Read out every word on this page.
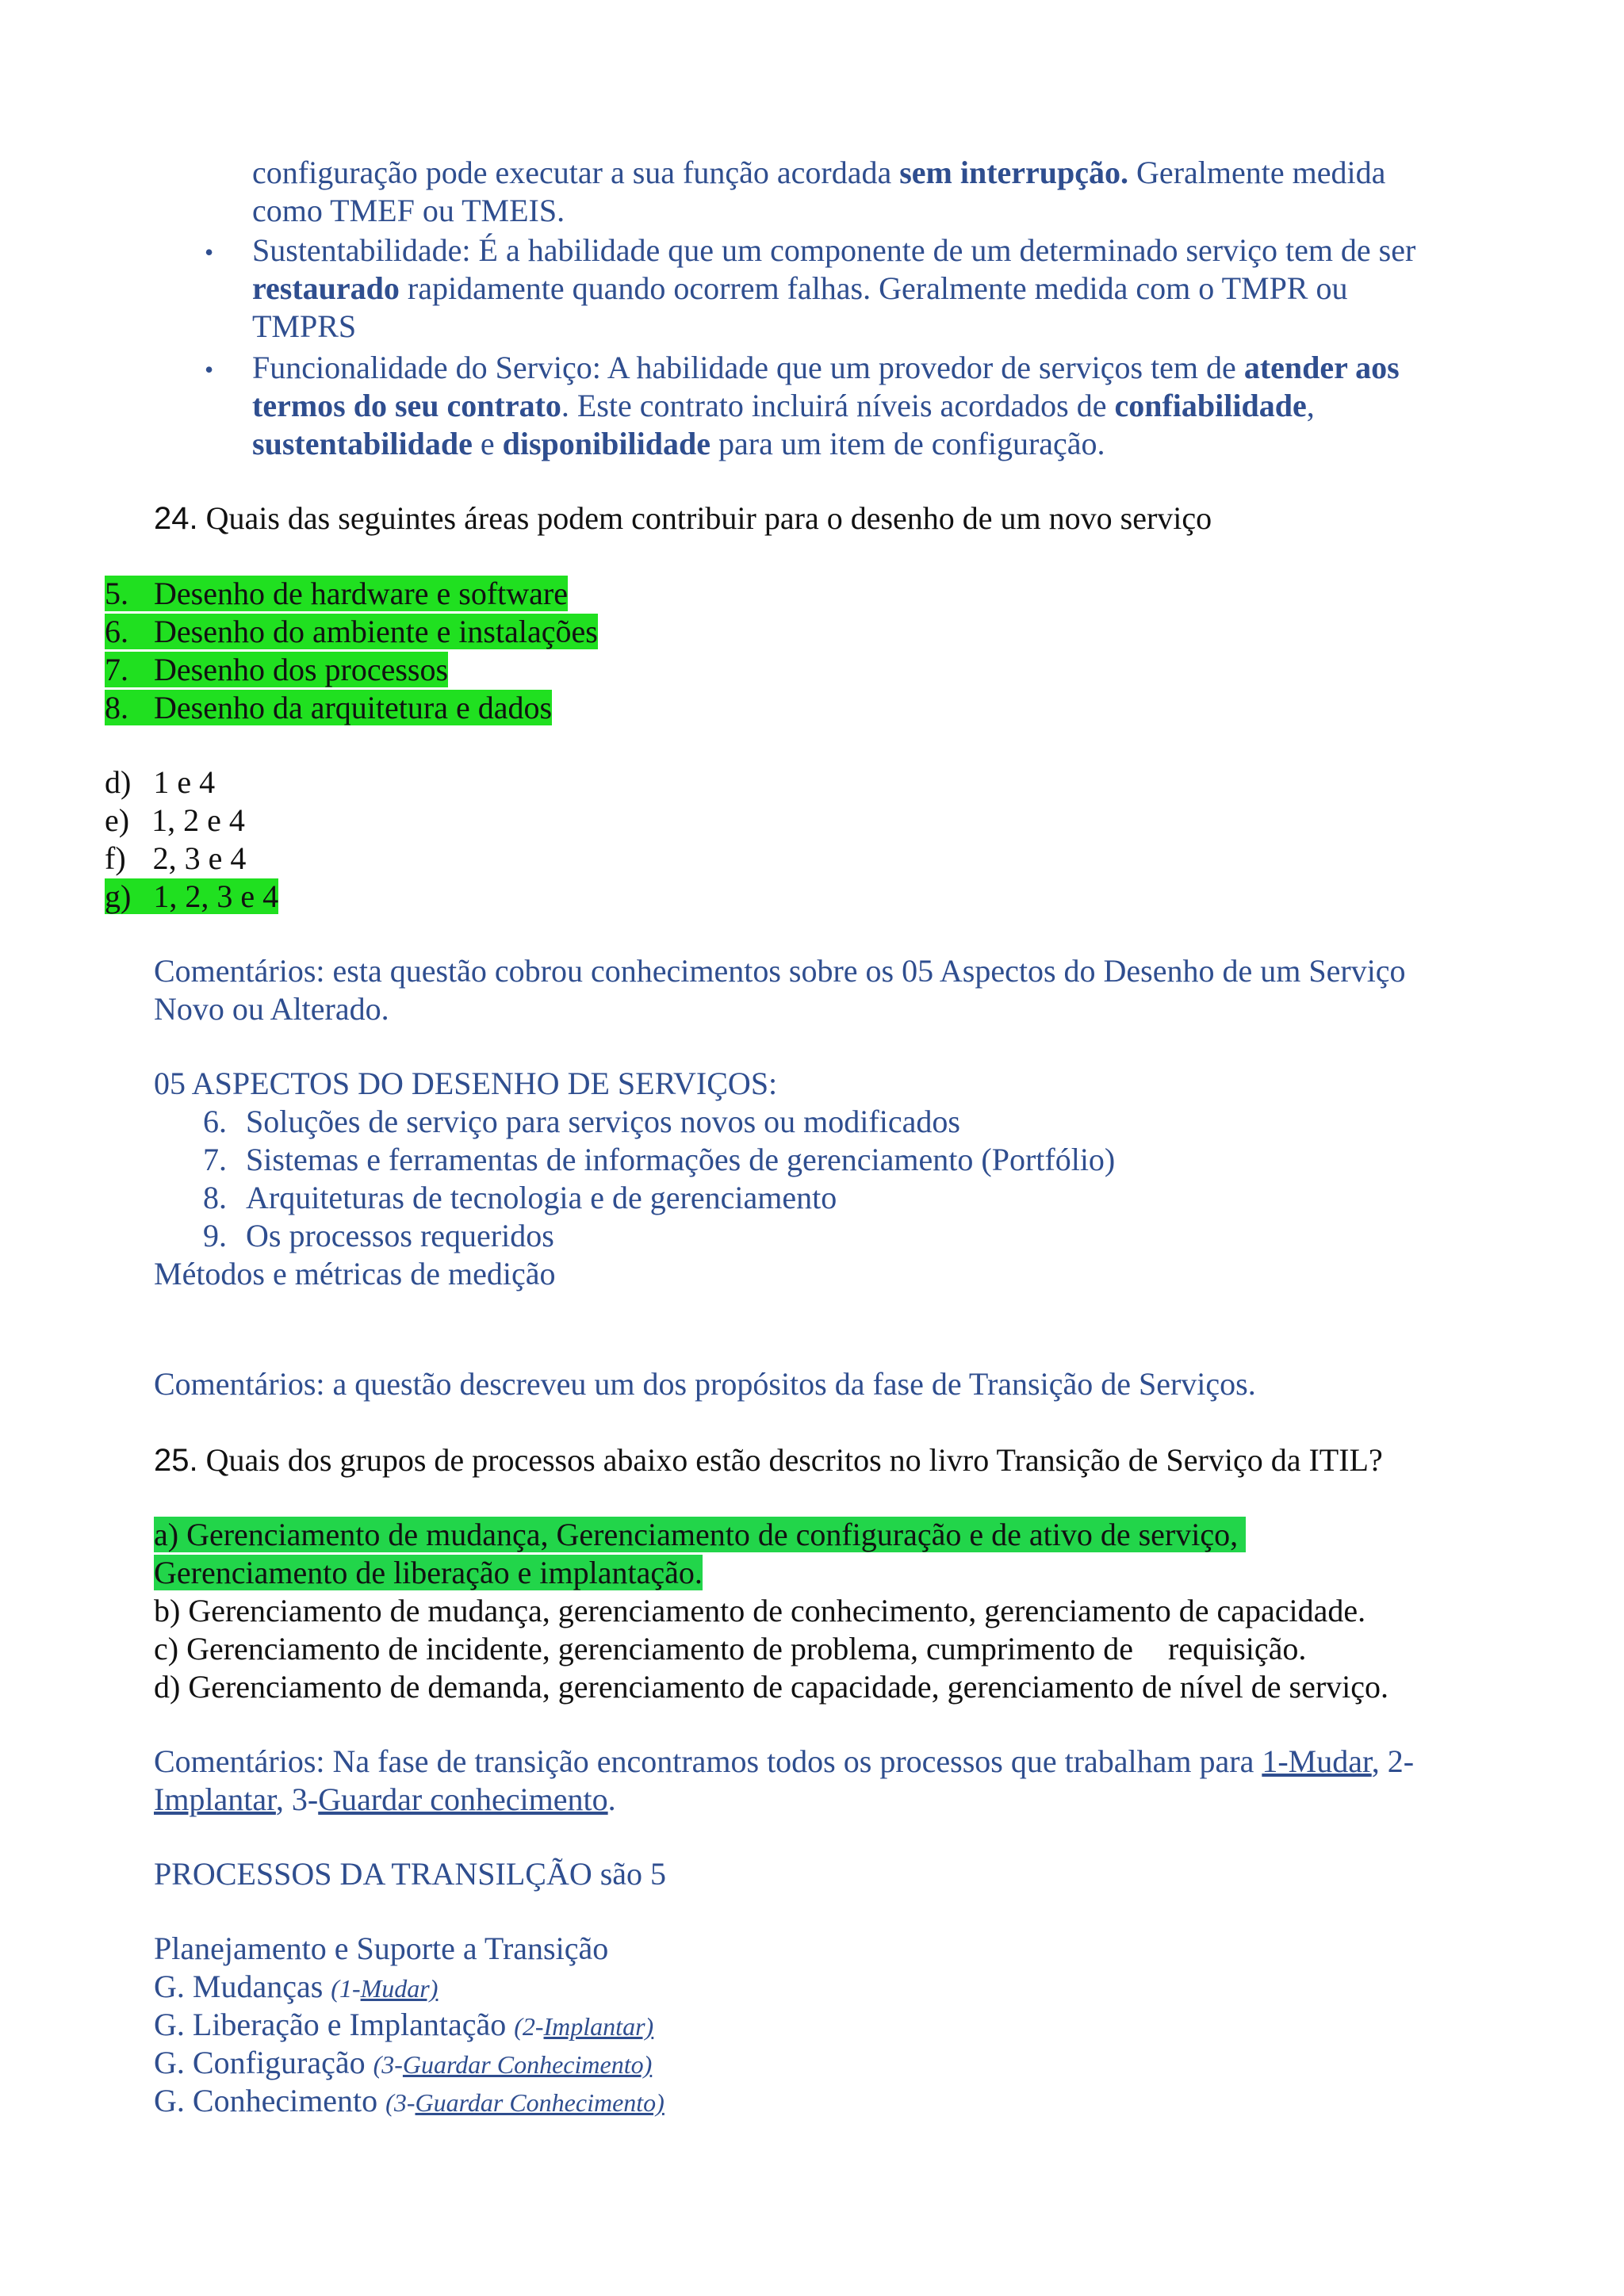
configuração pode executar a sua função acordada sem interrupção. Geralmente medida
como TMEF ou TMEIS.
• Sustentabilidade: É a habilidade que um componente de um determinado serviço tem de ser
restaurado rapidamente quando ocorrem falhas. Geralmente medida com o TMPR ou
TMPRS
• Funcionalidade do Serviço: A habilidade que um provedor de serviços tem de atender aos
termos do seu contrato. Este contrato incluirá níveis acordados de confiabilidade,
sustentabilidade e disponibilidade para um item de configuração.
24. Quais das seguintes áreas podem contribuir para o desenho de um novo serviço
5. Desenho de hardware e software
6. Desenho do ambiente e instalações
7. Desenho dos processos
8. Desenho da arquitetura e dados
d) 1 e 4
e) 1, 2 e 4
f) 2, 3 e 4
g) 1, 2, 3 e 4
Comentários: esta questão cobrou conhecimentos sobre os 05 Aspectos do Desenho de um Serviço
Novo ou Alterado.
05 ASPECTOS DO DESENHO DE SERVIÇOS:
6. Soluções de serviço para serviços novos ou modificados
7. Sistemas e ferramentas de informações de gerenciamento (Portfólio)
8. Arquiteturas de tecnologia e de gerenciamento
9. Os processos requeridos
Métodos e métricas de medição
Comentários: a questão descreveu um dos propósitos da fase de Transição de Serviços.
25. Quais dos grupos de processos abaixo estão descritos no livro Transição de Serviço da ITIL?
a) Gerenciamento de mudança, Gerenciamento de configuração e de ativo de serviço,
Gerenciamento de liberação e implantação.
b) Gerenciamento de mudança, gerenciamento de conhecimento, gerenciamento de capacidade.
c) Gerenciamento de incidente, gerenciamento de problema, cumprimento de requisição.
d) Gerenciamento de demanda, gerenciamento de capacidade, gerenciamento de nível de serviço.
Comentários: Na fase de transição encontramos todos os processos que trabalham para 1-Mudar, 2-
Implantar, 3-Guardar conhecimento.
PROCESSOS DA TRANSILÇÃO são 5
Planejamento e Suporte a Transição
G. Mudanças (1-Mudar)
G. Liberação e Implantação (2-Implantar)
G. Configuração (3-Guardar Conhecimento)
G. Conhecimento (3-Guardar Conhecimento)
